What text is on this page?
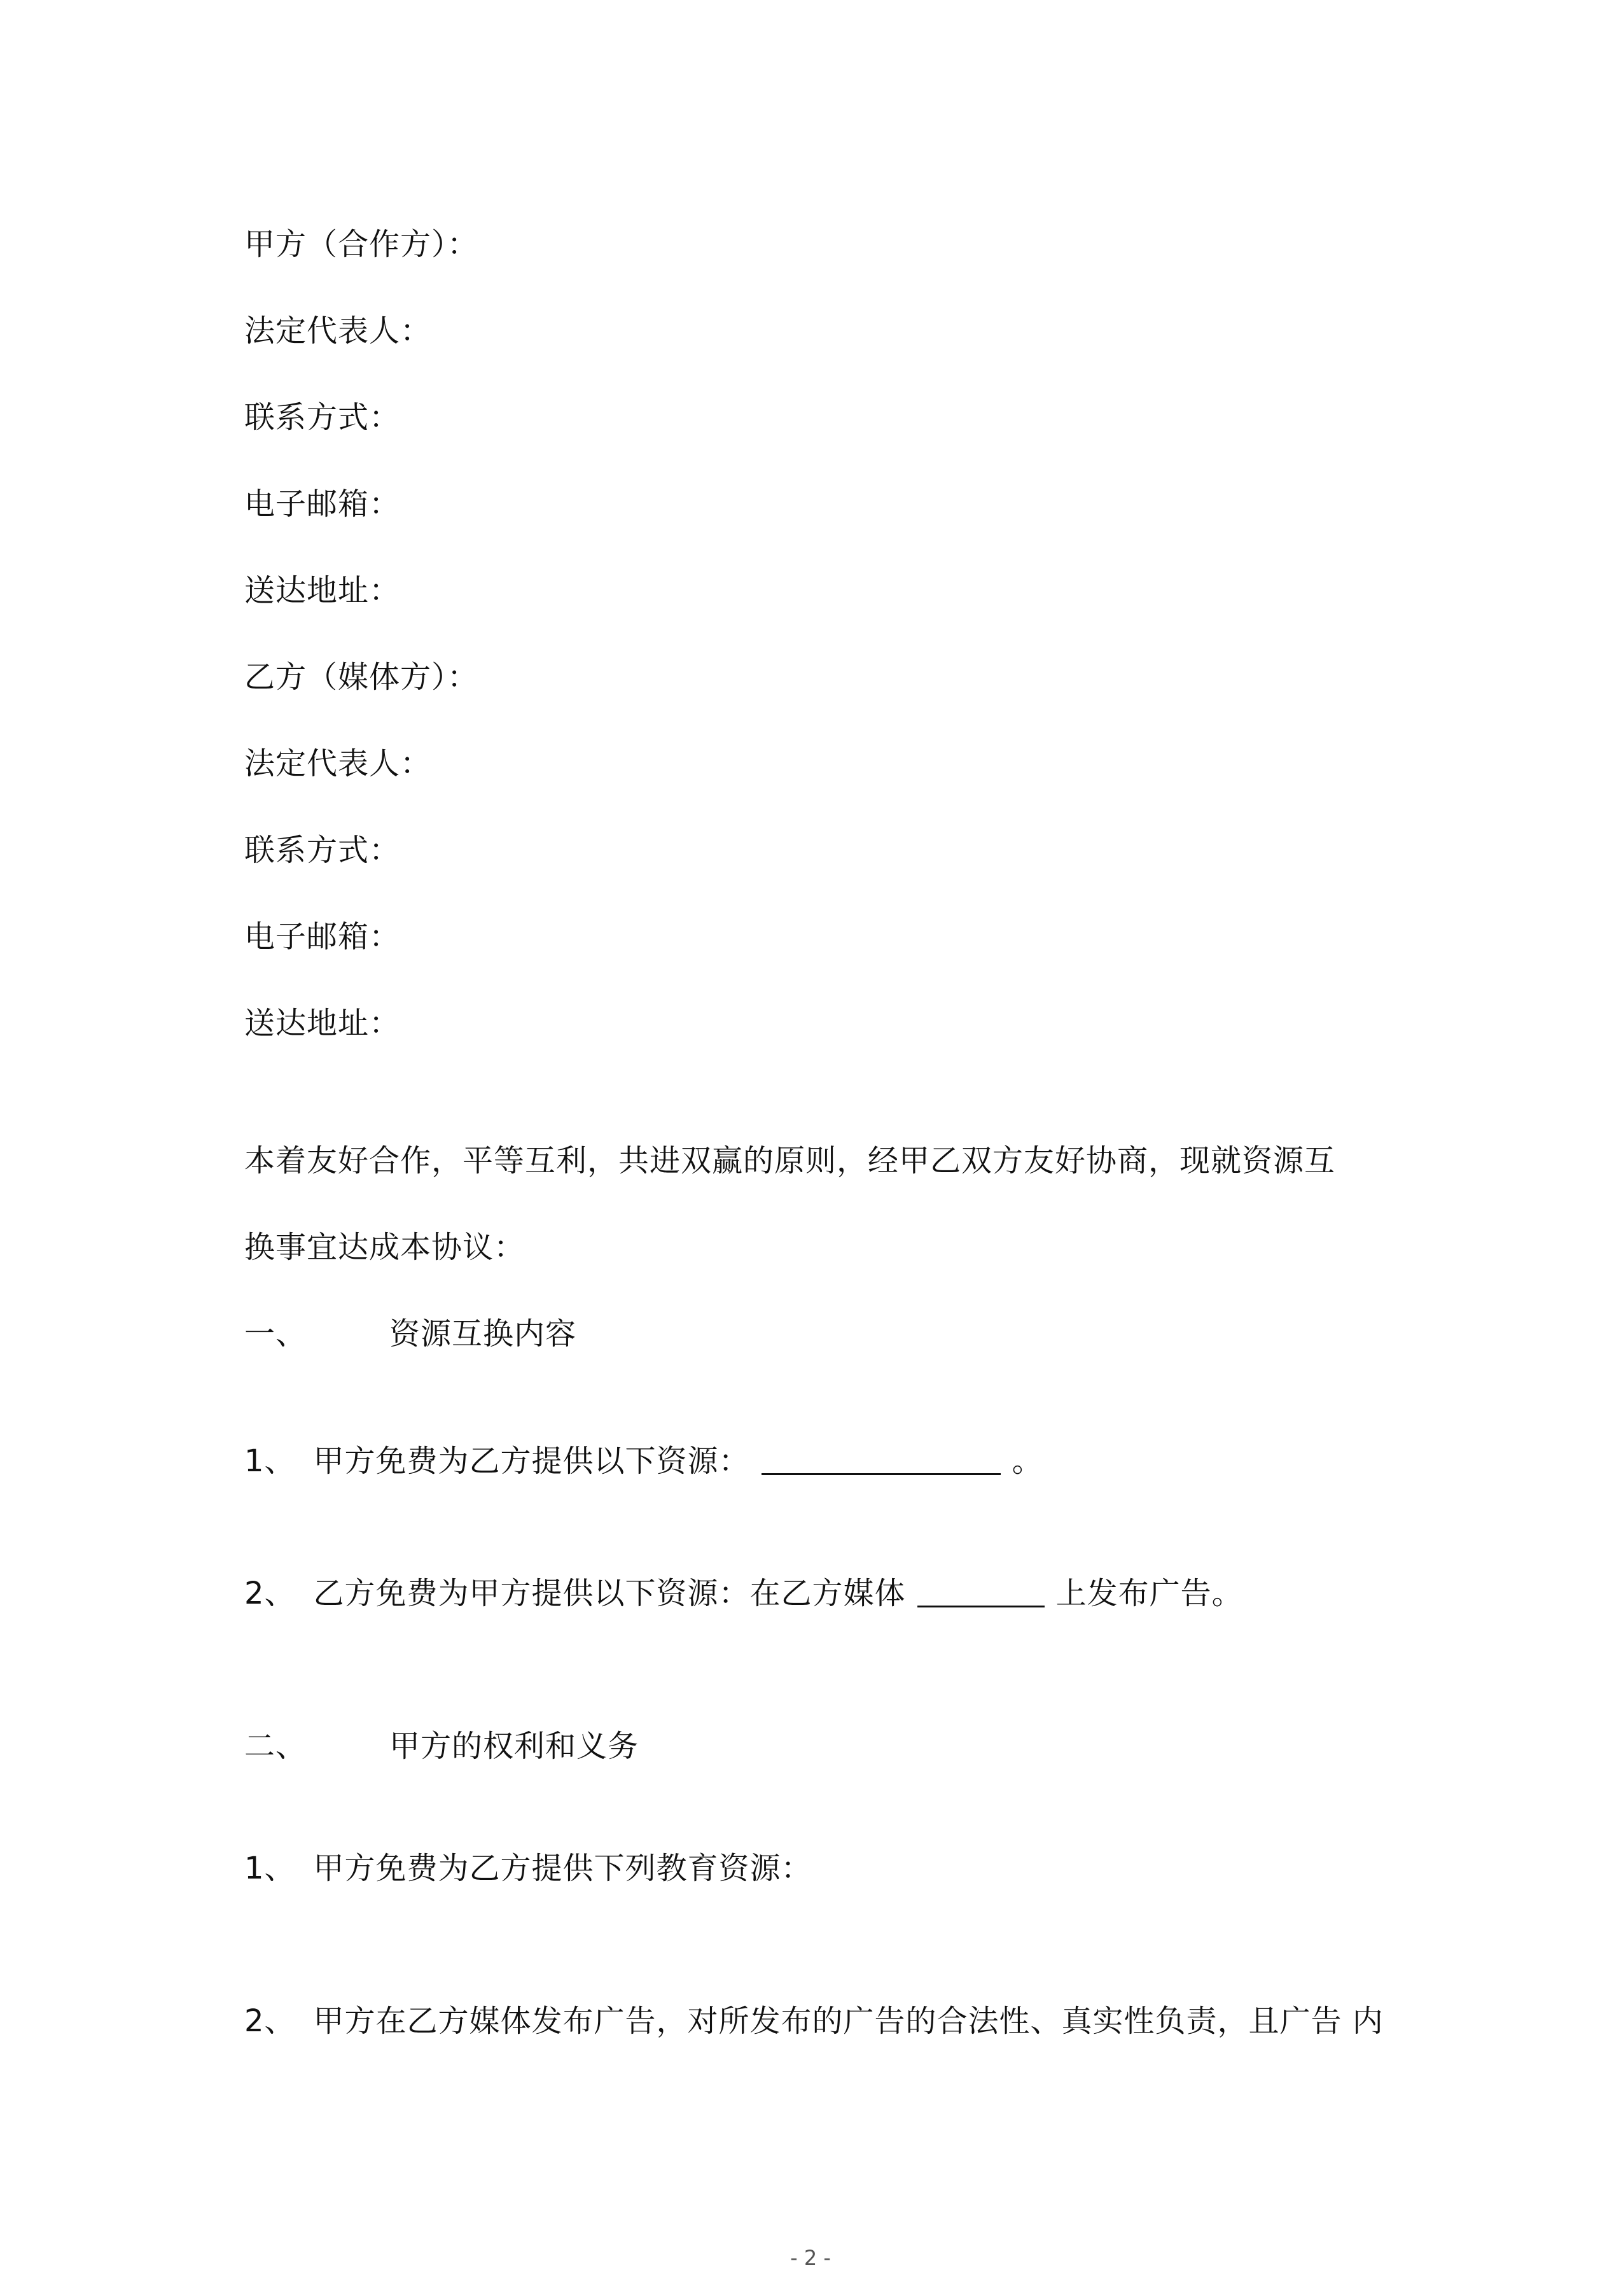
甲方（合作方）：
法定代表人：
联系方式：
电子邮箱：
送达地址：
乙方（媒体方）：
法定代表人：
联系方式：
电子邮箱：
送达地址：
本着友好合作，平等互利，共进双赢的原则，经甲乙双方友好协商，现就资源互
换事宜达成本协议：
一、	资源互换内容
1、 甲方免费为乙方提供以下资源：	。
2、 乙方免费为甲方提供以下资源：在乙方媒体	上发布广告。
二、	甲方的权利和义务
1、 甲方免费为乙方提供下列教育资源：
2、 甲方在乙方媒体发布广告，对所发布的广告的合法性、真实性负责，且广告 内
- 2 -
